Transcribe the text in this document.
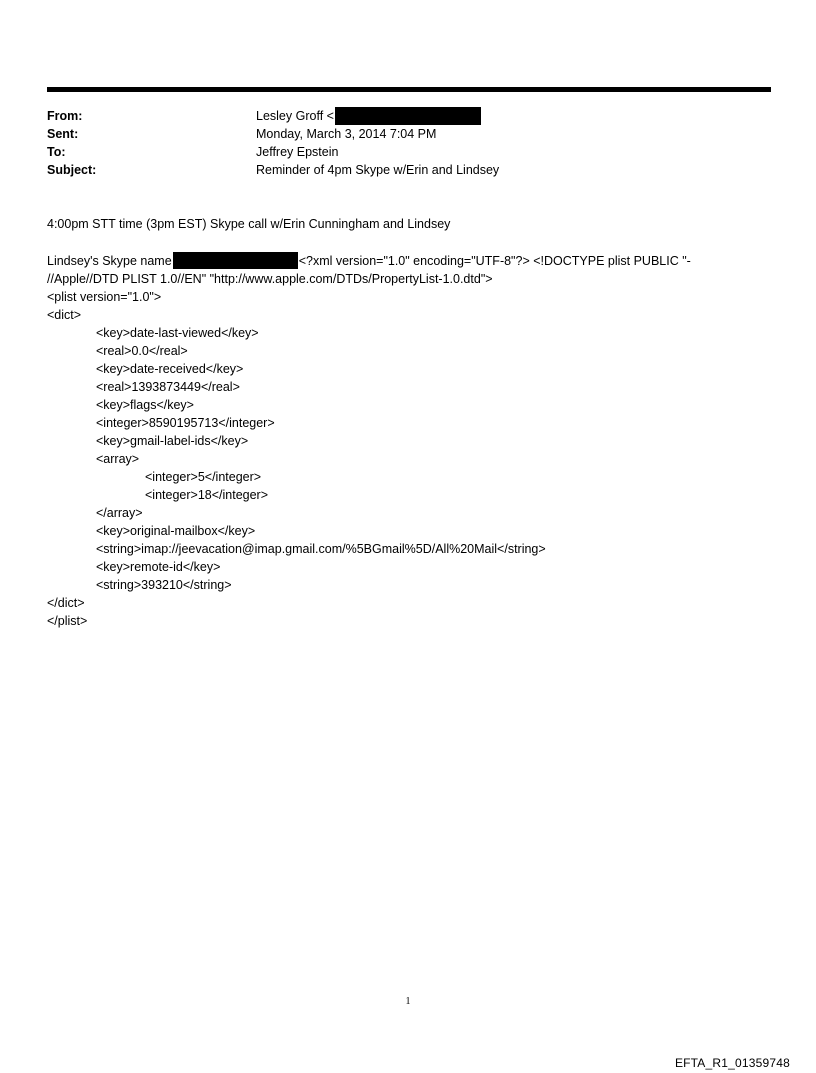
From:	Lesley Groff <
Sent:	Monday, March 3, 2014 7:04 PM
To:	Jeffrey Epstein
Subject:	Reminder of 4pm Skype w/Erin and Lindsey
4:00pm STT time (3pm EST) Skype call w/Erin Cunningham and Lindsey
Lindsey's Skype name	<?xml version="1.0" encoding="UTF-8"?> <!DOCTYPE plist PUBLIC "-
//Apple//DTD PLIST 1.0//EN" "http://www.apple.com/DTDs/PropertyList-1.0.dtd">
<plist version="1.0">
<dict>
<key>date-last-viewed</key>
<real>0.0</real>
<key>date-received</key>
<real>1393873449</real>
<key>flags</key>
<integer>8590195713</integer>
<key>gmail-label-ids</key>
<array>
<integer>5</integer>
<integer>18</integer>
</array>
<key>original-mailbox</key>
<string>imap://jeevacation@imap.gmail.com/%5BGmail%5D/All%20Mail</string>
<key>remote-id</key>
<string>393210</string>
</dict>
</plist>
1
EFTA_R1_01359748
